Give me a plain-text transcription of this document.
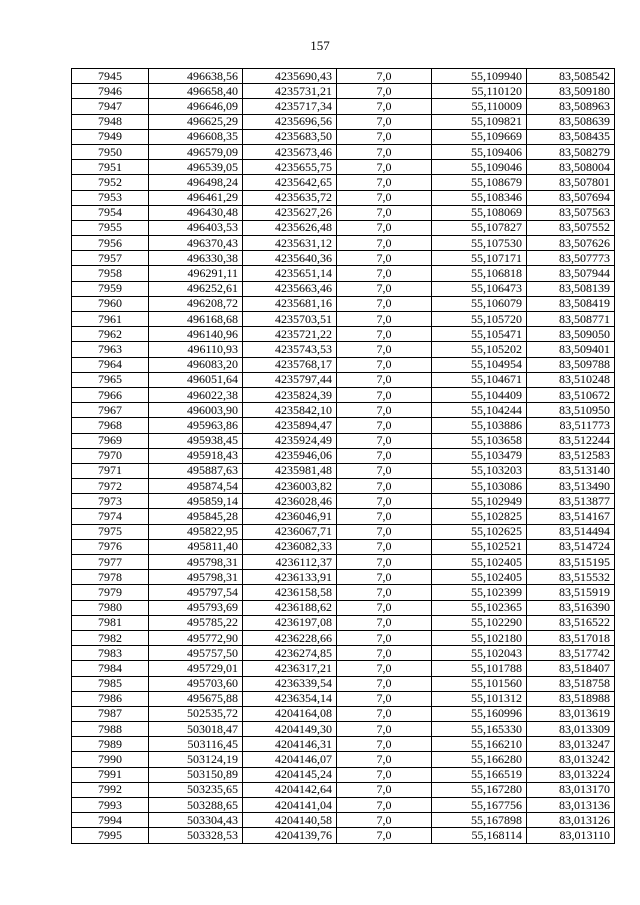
157
7945	496638,56	4235690,43	7,0	55,109940	83,508542
7946	496658,40	4235731,21	7,0	55,110120	83,509180
7947	496646,09	4235717,34	7,0	55,110009	83,508963
7948	496625,29	4235696,56	7,0	55,109821	83,508639
7949	496608,35	4235683,50	7,0	55,109669	83,508435
7950	496579,09	4235673,46	7,0	55,109406	83,508279
7951	496539,05	4235655,75	7,0	55,109046	83,508004
7952	496498,24	4235642,65	7,0	55,108679	83,507801
7953	496461,29	4235635,72	7,0	55,108346	83,507694
7954	496430,48	4235627,26	7,0	55,108069	83,507563
7955	496403,53	4235626,48	7,0	55,107827	83,507552
7956	496370,43	4235631,12	7,0	55,107530	83,507626
7957	496330,38	4235640,36	7,0	55,107171	83,507773
7958	496291,11	4235651,14	7,0	55,106818	83,507944
7959	496252,61	4235663,46	7,0	55,106473	83,508139
7960	496208,72	4235681,16	7,0	55,106079	83,508419
7961	496168,68	4235703,51	7,0	55,105720	83,508771
7962	496140,96	4235721,22	7,0	55,105471	83,509050
7963	496110,93	4235743,53	7,0	55,105202	83,509401
7964	496083,20	4235768,17	7,0	55,104954	83,509788
7965	496051,64	4235797,44	7,0	55,104671	83,510248
7966	496022,38	4235824,39	7,0	55,104409	83,510672
7967	496003,90	4235842,10	7,0	55,104244	83,510950
7968	495963,86	4235894,47	7,0	55,103886	83,511773
7969	495938,45	4235924,49	7,0	55,103658	83,512244
7970	495918,43	4235946,06	7,0	55,103479	83,512583
7971	495887,63	4235981,48	7,0	55,103203	83,513140
7972	495874,54	4236003,82	7,0	55,103086	83,513490
7973	495859,14	4236028,46	7,0	55,102949	83,513877
7974	495845,28	4236046,91	7,0	55,102825	83,514167
7975	495822,95	4236067,71	7,0	55,102625	83,514494
7976	495811,40	4236082,33	7,0	55,102521	83,514724
7977	495798,31	4236112,37	7,0	55,102405	83,515195
7978	495798,31	4236133,91	7,0	55,102405	83,515532
7979	495797,54	4236158,58	7,0	55,102399	83,515919
7980	495793,69	4236188,62	7,0	55,102365	83,516390
7981	495785,22	4236197,08	7,0	55,102290	83,516522
7982	495772,90	4236228,66	7,0	55,102180	83,517018
7983	495757,50	4236274,85	7,0	55,102043	83,517742
7984	495729,01	4236317,21	7,0	55,101788	83,518407
7985	495703,60	4236339,54	7,0	55,101560	83,518758
7986	495675,88	4236354,14	7,0	55,101312	83,518988
7987	502535,72	4204164,08	7,0	55,160996	83,013619
7988	503018,47	4204149,30	7,0	55,165330	83,013309
7989	503116,45	4204146,31	7,0	55,166210	83,013247
7990	503124,19	4204146,07	7,0	55,166280	83,013242
7991	503150,89	4204145,24	7,0	55,166519	83,013224
7992	503235,65	4204142,64	7,0	55,167280	83,013170
7993	503288,65	4204141,04	7,0	55,167756	83,013136
7994	503304,43	4204140,58	7,0	55,167898	83,013126
7995	503328,53	4204139,76	7,0	55,168114	83,013110
